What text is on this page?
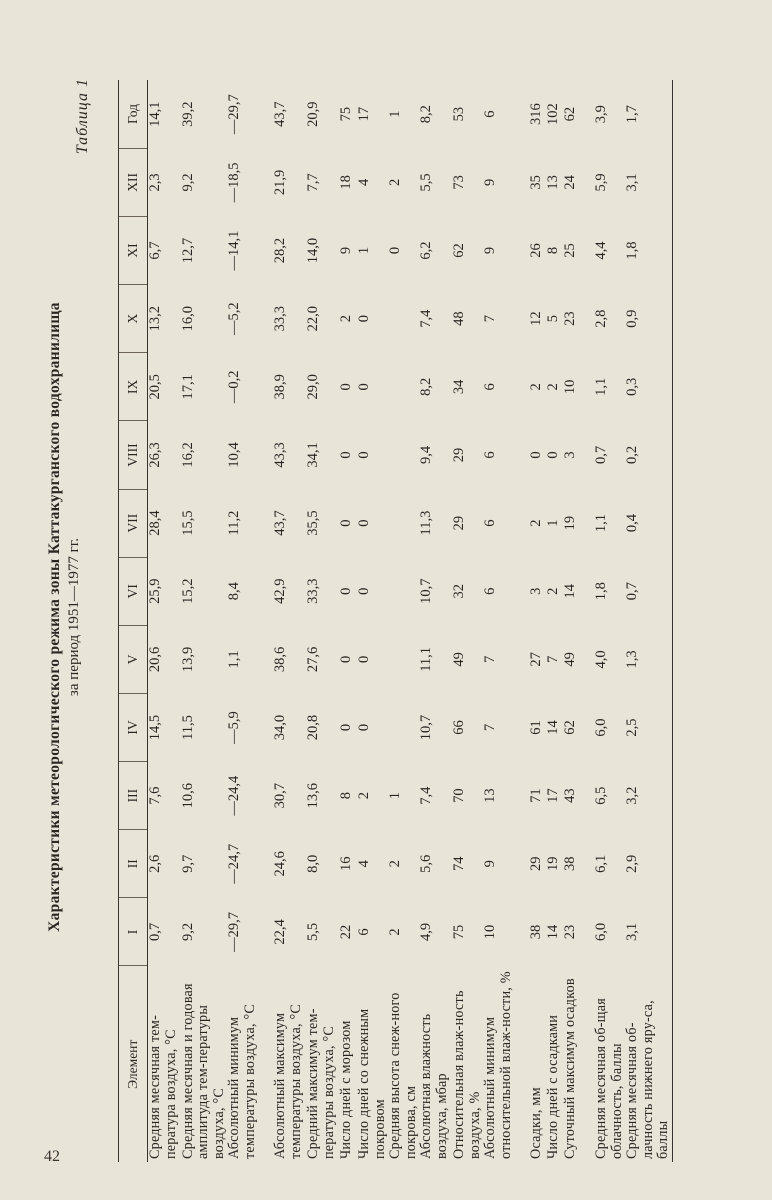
42
Таблица 1
Характеристики метеорологического режима зоны Каттакурганского водохранилища за период 1951—1977 гг.
Элемент	I	II	III	IV	V	VI	VII	VIII	IX	X	XI	XII	Год
Средняя месячная тем-пература воздуха, °С	0,7	2,6	7,6	14,5	20,6	25,9	28,4	26,3	20,5	13,2	6,7	2,3	14,1
Средняя месячная и годовая амплитуда тем-пературы воздуха, °С	9,2	9,7	10,6	11,5	13,9	15,2	15,5	16,2	17,1	16,0	12,7	9,2	39,2
Абсолютный минимум температуры воздуха, °С	—29,7	—24,7	—24,4	—5,9	1,1	8,4	11,2	10,4	—0,2	—5,2	—14,1	—18,5	—29,7
Абсолютный максимум температуры воздуха, °С	22,4	24,6	30,7	34,0	38,6	42,9	43,7	43,3	38,9	33,3	28,2	21,9	43,7
Средний максимум тем-пературы воздуха, °С	5,5	8,0	13,6	20,8	27,6	33,3	35,5	34,1	29,0	22,0	14,0	7,7	20,9
Число дней с морозом	22	16	8	0	0	0	0	0	0	2	9	18	75
Число дней со снежным покровом	6	4	2	0	0	0	0	0	0	0	1	4	17
Средняя высота снеж-ного покрова, см	2	2	1								0	2	1
Абсолютная влажность воздуха, мбар	4,9	5,6	7,4	10,7	11,1	10,7	11,3	9,4	8,2	7,4	6,2	5,5	8,2
Относительная влаж-ность воздуха, %	75	74	70	66	49	32	29	29	34	48	62	73	53
Абсолютный минимум относительной влаж-ности, %	10	9	13	7	7	6	6	6	6	7	9	9	6
Осадки, мм	38	29	71	61	27	3	2	0	2	12	26	35	316
Число дней с осадками	14	19	17	14	7	2	1	0	2	5	8	13	102
Суточный максимум осадков	23	38	43	62	49	14	19	3	10	23	25	24	62
Средняя месячная об-щая облачность, баллы	6,0	6,1	6,5	6,0	4,0	1,8	1,1	0,7	1,1	2,8	4,4	5,9	3,9
Средняя месячная об-лачность нижнего яру-са, баллы	3,1	2,9	3,2	2,5	1,3	0,7	0,4	0,2	0,3	0,9	1,8	3,1	1,7
